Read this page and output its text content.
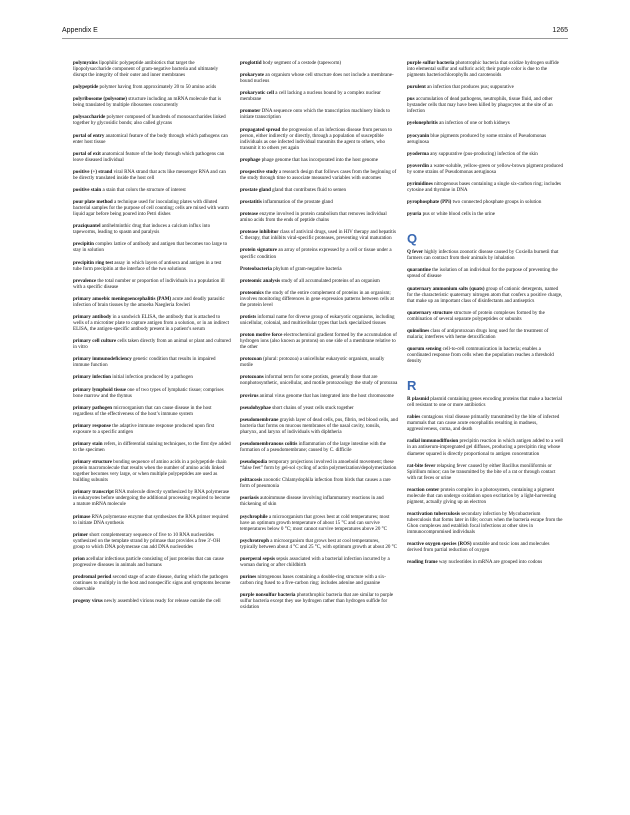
Appendix E	1265
polymyxins lipophilic polypeptide antibiotics that target the lipopolysaccharide component of gram-negative bacteria and ultimately disrupt the integrity of their outer and inner membranes
polypeptide polymer having from approximately 20 to 50 amino acids
polyribosome (polysome) structure including an mRNA molecule that is being translated by multiple ribosomes concurrently
polysaccharide polymer composed of hundreds of monosaccharides linked together by glycosidic bonds; also called glycans
portal of entry anatomical feature of the body through which pathogens can enter host tissue
portal of exit anatomical feature of the body through which pathogens can leave diseased individual
positive (+) strand viral RNA strand that acts like messenger RNA and can be directly translated inside the host cell
positive stain a stain that colors the structure of interest
pour plate method a technique used for inoculating plates with diluted bacterial samples for the purpose of cell counting; cells are mixed with warm liquid agar before being poured into Petri dishes
praziquantel antihelminthic drug that induces a calcium influx into tapeworms, leading to spasm and paralysis
precipitin complex lattice of antibody and antigen that becomes too large to stay in solution
precipitin ring test assay in which layers of antisera and antigen in a test tube form precipitin at the interface of the two solutions
prevalence the total number or proportion of individuals in a population ill with a specific disease
primary amoebic meningoencephalitis (PAM) acute and deadly parasitic infection of brain tissues by the amoeba Naegleria fowleri
primary antibody in a sandwich ELISA, the antibody that is attached to wells of a microtiter plate to capture antigen from a solution, or in an indirect ELISA, the antigen-specific antibody present in a patient’s serum
primary cell culture cells taken directly from an animal or plant and cultured in vitro
primary immunodeficiency genetic condition that results in impaired immune function
primary infection initial infection produced by a pathogen
primary lymphoid tissue one of two types of lymphatic tissue; comprises bone marrow and the thymus
primary pathogen microorganism that can cause disease in the host regardless of the effectiveness of the host’s immune system
primary response the adaptive immune response produced upon first exposure to a specific antigen
primary stain refers, in differential staining techniques, to the first dye added to the specimen
primary structure bonding sequence of amino acids in a polypeptide chain protein macromolecule that results when the number of amino acids linked together becomes very large, or when multiple polypeptides are used as building subunits
primary transcript RNA molecule directly synthesized by RNA polymerase in eukaryotes before undergoing the additional processing required to become a mature mRNA molecule
primase RNA polymerase enzyme that synthesizes the RNA primer required to initiate DNA synthesis
primer short complementary sequence of five to 10 RNA nucleotides synthesized on the template strand by primase that provides a free 3′-OH group to which DNA polymerase can add DNA nucleotides
prion acellular infectious particle consisting of just proteins that can cause progressive diseases in animals and humans
prodromal period second stage of acute disease, during which the pathogen continues to multiply in the host and nonspecific signs and symptoms become observable
progeny virus newly assembled virions ready for release outside the cell
proglottid body segment of a cestode (tapeworm)
prokaryote an organism whose cell structure does not include a membrane-bound nucleus
prokaryotic cell a cell lacking a nucleus bound by a complex nuclear membrane
promoter DNA sequence onto which the transcription machinery binds to initiate transcription
propagated spread the progression of an infectious disease from person to person, either indirectly or directly, through a population of susceptible individuals as one infected individual transmits the agent to others, who transmit it to others yet again
prophage phage genome that has incorporated into the host genome
prospective study a research design that follows cases from the beginning of the study through time to associate measured variables with outcomes
prostate gland gland that contributes fluid to semen
prostatitis inflammation of the prostate gland
protease enzyme involved in protein catabolism that removes individual amino acids from the ends of peptide chains
protease inhibitor class of antiviral drugs, used in HIV therapy and hepatitis C therapy, that inhibits viral-specific proteases, preventing viral maturation
protein signature an array of proteins expressed by a cell or tissue under a specific condition
Proteobacteria phylum of gram-negative bacteria
proteomic analysis study of all accumulated proteins of an organism
proteomics the study of the entire complement of proteins in an organism; involves monitoring differences in gene expression patterns between cells at the protein level
protists informal name for diverse group of eukaryotic organisms, including unicellular, colonial, and multicellular types that lack specialized tissues
proton motive force electrochemical gradient formed by the accumulation of hydrogen ions (also known as protons) on one side of a membrane relative to the other
protozoan (plural: protozoa) a unicellular eukaryotic organism, usually motile
protozoans informal term for some protists, generally those that are nonphotosynthetic, unicellular, and motile protozoology the study of protozoa
provirus animal virus genome that has integrated into the host chromosome
pseudohyphae short chains of yeast cells stuck together
pseudomembrane grayish layer of dead cells, pus, fibrin, red blood cells, and bacteria that forms on mucous membranes of the nasal cavity, tonsils, pharynx, and larynx of individuals with diphtheria
pseudomembranous colitis inflammation of the large intestine with the formation of a pseudomembrane; caused by C. difficile
pseudopodia temporary projections involved in amoeboid movement; these “false feet” form by gel-sol cycling of actin polymerization/depolymerization
psittacosis zoonotic Chlamydophila infection from birds that causes a rare form of pneumonia
psoriasis autoimmune disease involving inflammatory reactions in and thickening of skin
psychrophile a microorganism that grows best at cold temperatures; most have an optimum growth temperature of about 15 °C and can survive temperatures below 0 °C; most cannot survive temperatures above 20 °C
psychrotroph a microorganism that grows best at cool temperatures, typically between about 4 °C and 25 °C, with optimum growth at about 20 °C
puerperal sepsis sepsis associated with a bacterial infection incurred by a woman during or after childbirth
purines nitrogenous bases containing a double-ring structure with a six-carbon ring fused to a five-carbon ring; includes adenine and guanine
purple nonsulfur bacteria photothrophic bacteria that are similar to purple sulfur bacteria except they use hydrogen rather than hydrogen sulfide for oxidation
purple sulfur bacteria phototrophic bacteria that oxidize hydrogen sulfide into elemental sulfur and sulfuric acid; their purple color is due to the pigments bacteriochlorophylls and carotenoids
purulent an infection that produces pus; suppurative
pus accumulation of dead pathogens, neutrophils, tissue fluid, and other bystander cells that may have been killed by phagocytes at the site of an infection
pyelonephritis an infection of one or both kidneys
pyocyanin blue pigments produced by some strains of Pseudomonas aeruginosa
pyoderma any suppurative (pus-producing) infection of the skin
pyoverdin a water-soluble, yellow-green or yellow-brown pigment produced by some strains of Pseudomonas aeruginosa
pyrimidines nitrogenous bases containing a single six-carbon ring; includes cytosine and thymine in DNA
pyrophosphate (PPi) two connected phosphate groups in solution
pyuria pus or white blood cells in the urine
Q
Q fever highly infectious zoonotic disease caused by Coxiella burnetii that farmers can contract from their animals by inhalation
quarantine the isolation of an individual for the purpose of preventing the spread of disease
quaternary ammonium salts (quats) group of cationic detergents, named for the characteristic quaternary nitrogen atom that confers a positive charge, that make up an important class of disinfectants and antiseptics
quaternary structure structure of protein complexes formed by the combination of several separate polypeptides or subunits
quinolines class of antiprotozoan drugs long used for the treatment of malaria; interferes with heme detoxification
quorum sensing cell-to-cell communication in bacteria; enables a coordinated response from cells when the population reaches a threshold density
R
R plasmid plasmid containing genes encoding proteins that make a bacterial cell resistant to one or more antibiotics
rabies contagious viral disease primarily transmitted by the bite of infected mammals that can cause acute encephalitis resulting in madness, aggressiveness, coma, and death
radial immunodiffusion precipitin reaction in which antigen added to a well in an antiserum-impregnated gel diffuses, producing a precipitin ring whose diameter squared is directly proportional to antigen concentration
rat-bite fever relapsing fever caused by either Bacillus moniliformis or Spirillum minor; can be transmitted by the bite of a rat or through contact with rat feces or urine
reaction center protein complex in a photosystem, containing a pigment molecule that can undergo oxidation upon excitation by a light-harvesting pigment, actually giving up an electron
reactivation tuberculosis secondary infection by Mycobacterium tuberculosis that forms later in life; occurs when the bacteria escape from the Ghon complexes and establish focal infections at other sites in immunocompromised individuals
reactive oxygen species (ROS) unstable and toxic ions and molecules derived from partial reduction of oxygen
reading frame way nucleotides in mRNA are grouped into codons
